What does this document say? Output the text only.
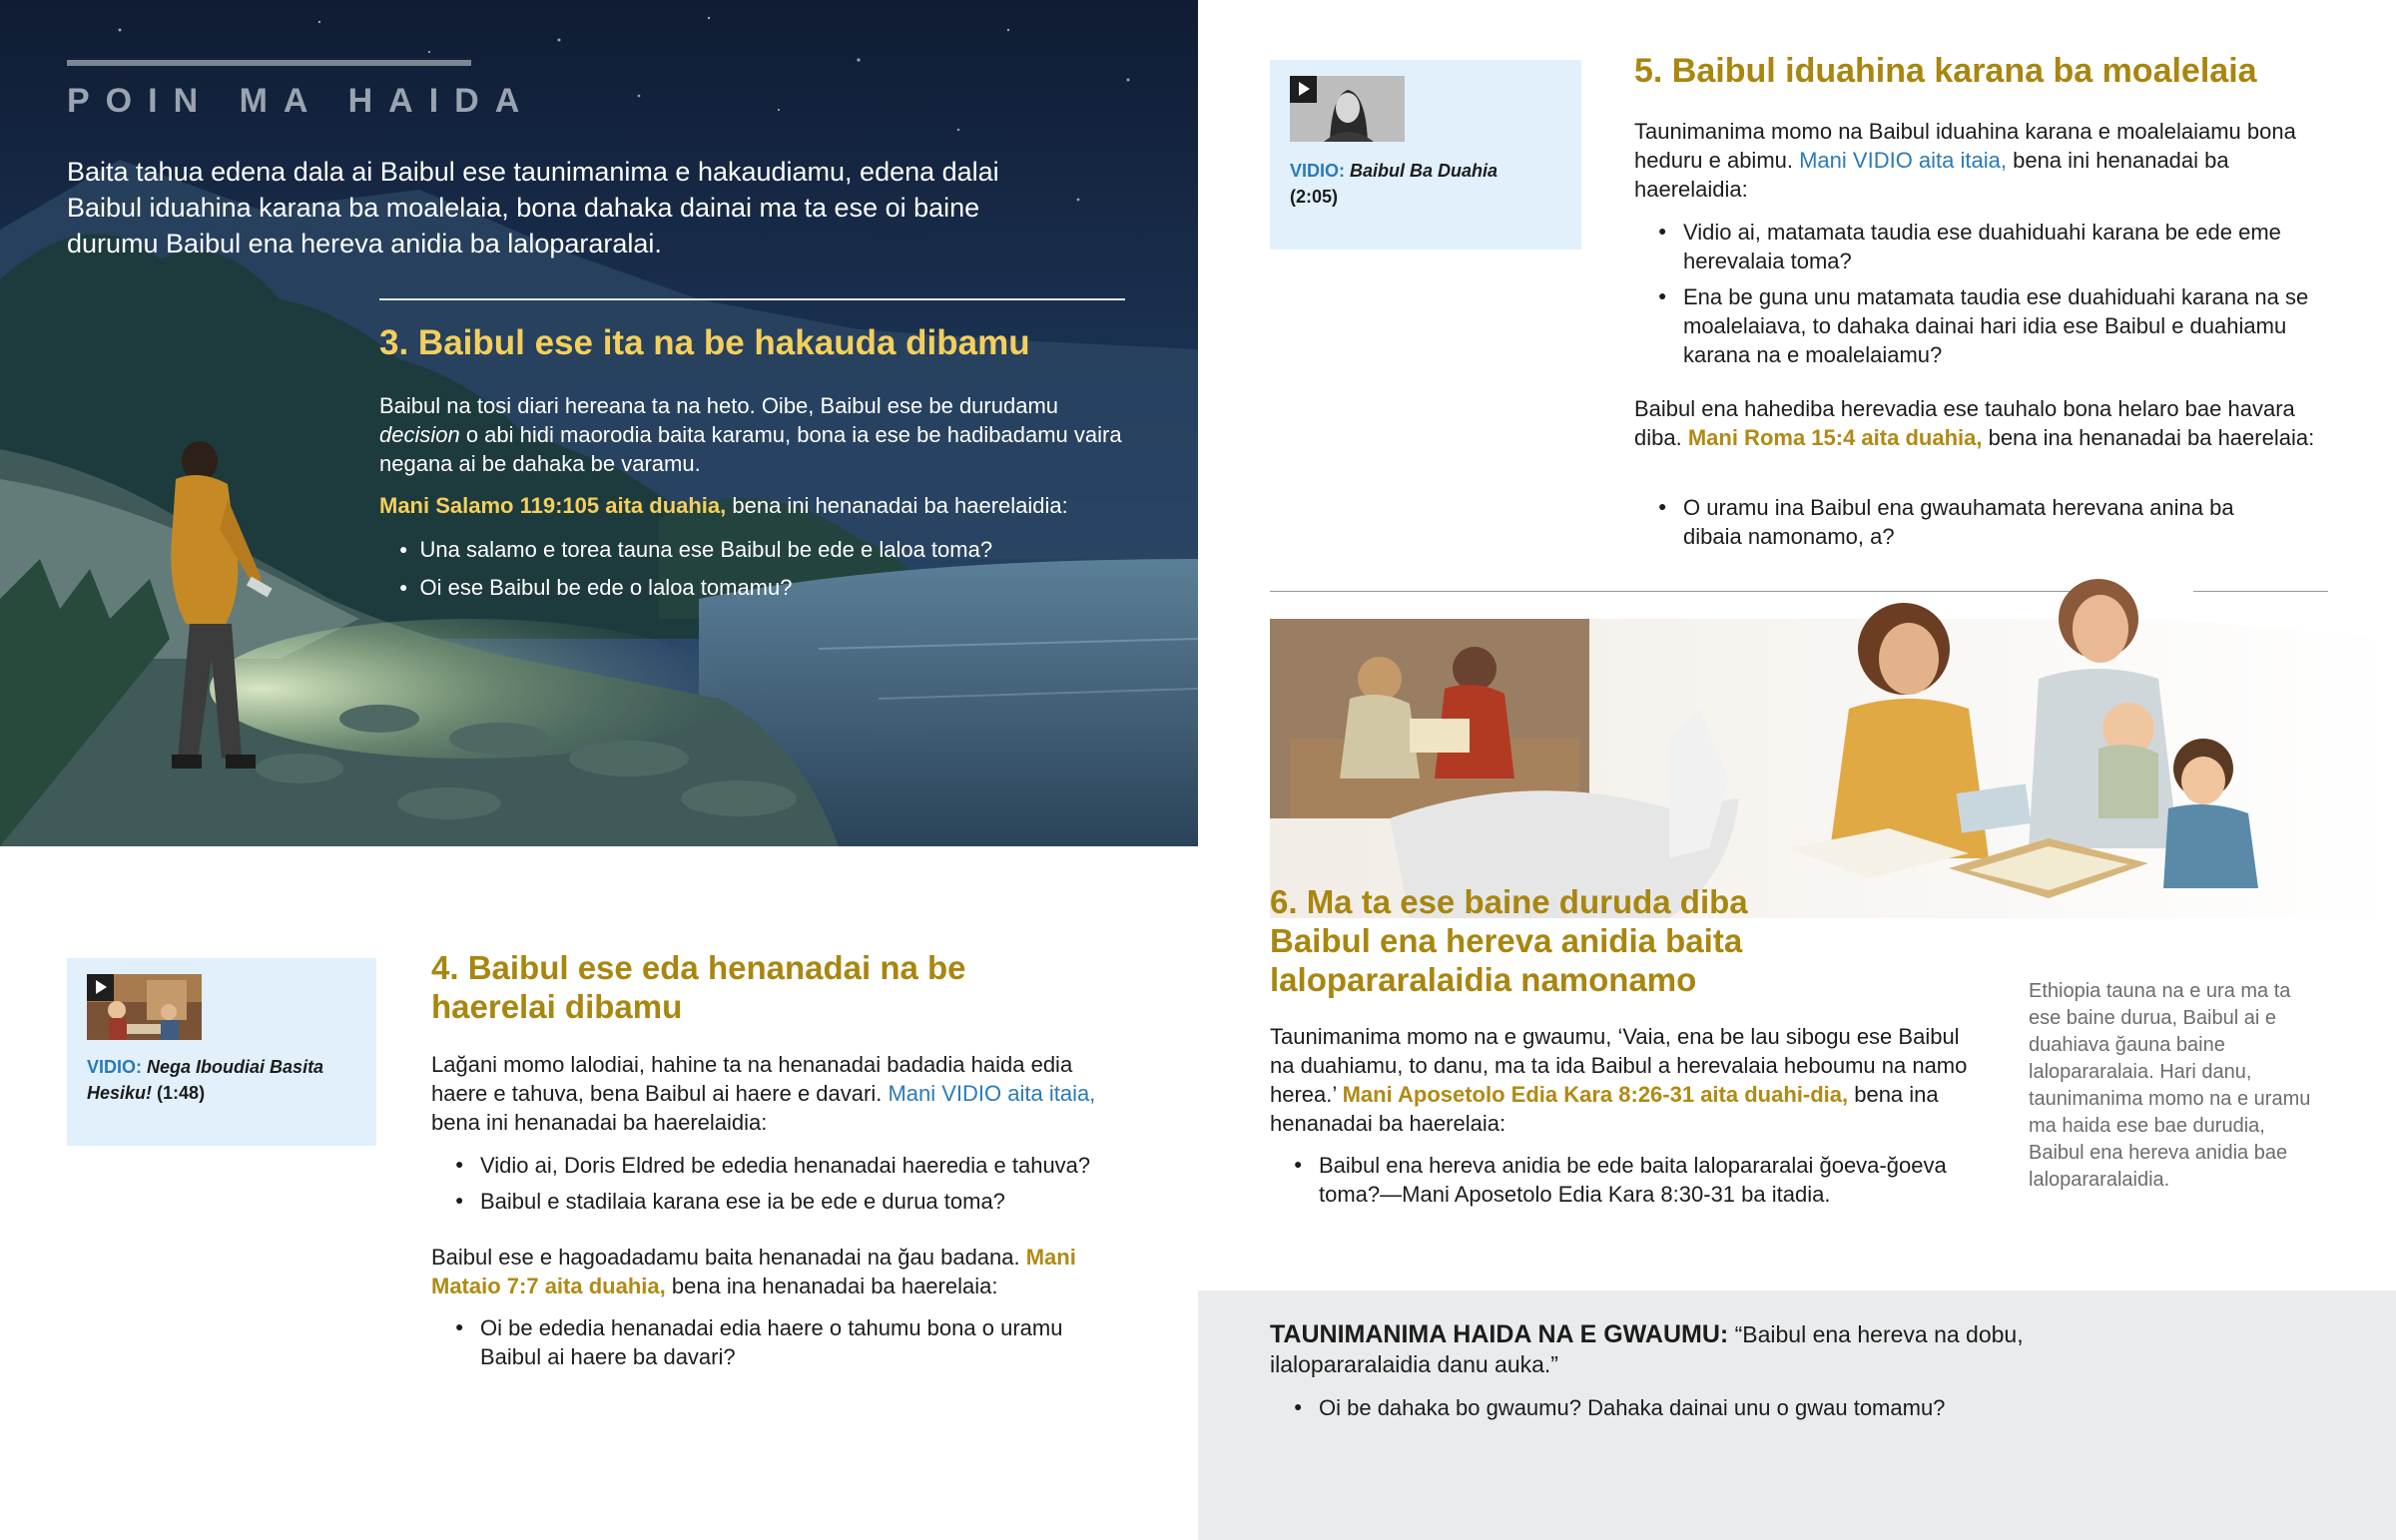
POIN MA HAIDA
Baita tahua edena dala ai Baibul ese taunimanima e hakaudiamu, edena dalai Baibul iduahina karana ba moalelaia, bona dahaka dainai ma ta ese oi baine durumu Baibul ena hereva anidia ba lalopararalai.
3. Baibul ese ita na be hakauda dibamu
Baibul na tosi diari hereana ta na heto. Oibe, Baibul ese be durudamu decision o abi hidi maorodia baita karamu, bona ia ese be hadibadamu vaira negana ai be dahaka be varamu.
Mani Salamo 119:105 aita duahia, bena ini henanadai ba haerelaidia:
● Una salamo e torea tauna ese Baibul be ede e laloa toma?
● Oi ese Baibul be ede o laloa tomamu?
VIDIO: Nega Iboudiai Basita Hesiku! (1:48)
4. Baibul ese eda henanadai na be haerelai dibamu
Lağani momo lalodiai, hahine ta na henanadai badadia haida edia haere e tahuva, bena Baibul ai haere e davari. Mani VIDIO aita itaia, bena ini henanadai ba haerelaidia:
● Vidio ai, Doris Eldred be ededia henanadai haeredia e tahuva?
● Baibul e stadilaia karana ese ia be ede e durua toma?
Baibul ese e hagoadadamu baita henanadai na ğau badana. Mani Mataio 7:7 aita duahia, bena ina henanadai ba haerelaia:
● Oi be ededia henanadai edia haere o tahumu bona o uramu Baibul ai haere ba davari?
VIDIO: Baibul Ba Duahia
(2:05)
5. Baibul iduahina karana ba moalelaia
Taunimanima momo na Baibul iduahina karana e moalelaiamu bona heduru e abimu. Mani VIDIO aita itaia, bena ini henanadai ba haerelaidia:
● Vidio ai, matamata taudia ese duahiduahi karana be ede eme herevalaia toma?
● Ena be guna unu matamata taudia ese duahiduahi karana na se moalelaiava, to dahaka dainai hari idia ese Baibul e duahiamu karana na e moalelaiamu?
Baibul ena hahediba herevadia ese tauhalo bona helaro bae havara diba. Mani Roma 15:4 aita duahia, bena ina henanadai ba haerelaia:
● O uramu ina Baibul ena gwauhamata herevana anina ba dibaia namonamo, a?
6. Ma ta ese baine duruda diba Baibul ena hereva anidia baita lalopararalaidia namonamo
Taunimanima momo na e gwaumu, ‘Vaia, ena be lau sibogu ese Baibul na duahiamu, to danu, ma ta ida Baibul a herevalaia heboumu na namo herea.’ Mani Aposetolo Edia Kara 8:26-31 aita duahi-dia, bena ina henanadai ba haerelaia:
● Baibul ena hereva anidia be ede baita lalopararalai ğoeva-ğoeva toma?—Mani Aposetolo Edia Kara 8:30-31 ba itadia.
Ethiopia tauna na e ura ma ta ese baine durua, Baibul ai e duahiava ğauna baine lalopararalaia. Hari danu, taunimanima momo na e uramu ma haida ese bae durudia, Baibul ena hereva anidia bae lalopararalaidia.
TAUNIMANIMA HAIDA NA E GWAUMU: “Baibul ena hereva na dobu, ilalopararalaidia danu auka.”
● Oi be dahaka bo gwaumu? Dahaka dainai unu o gwau tomamu?
